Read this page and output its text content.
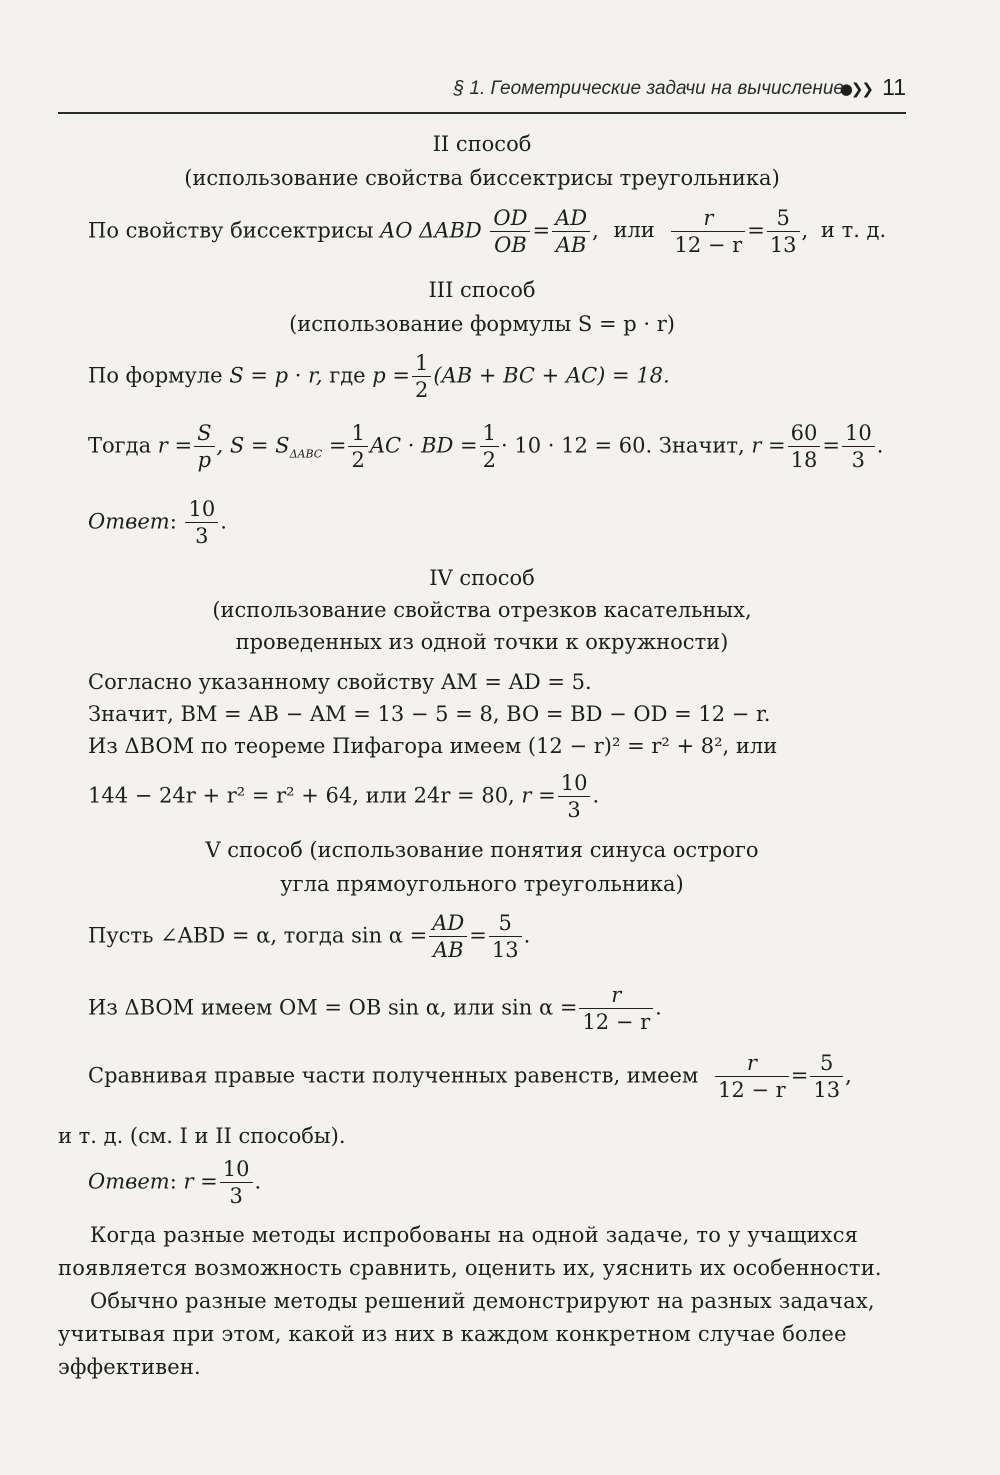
§ 1. Геометрические задачи на вычисление
●❯❯ 11
II способ
(использование свойства биссектрисы треугольника)
По свойству биссектрисы AO ΔABD $\frac{OD}{OB} = \frac{AD}{AB}$ , или $\frac{r}{12 - r} = \frac{5}{13}$ , и т. д.
III способ
(использование формулы S = p · r)
По формуле S = p · r, где $p = \frac{1}{2} (AB$ + BC + AC) = 18.
Тогда $r = \frac{S}{p}$ , $S = S_{\Delta ABC} = \frac{1}{2}$ AC · BD = $\frac{1}{2} \cdot 10 \cdot 12 = 60$. Значит, $r = \frac{60}{18} = \frac{10}{3}$ .
Ответ: $\frac{10}{3}$ .
IV способ
(использование свойства отрезков касательных,
проведенных из одной точки к окружности)
Согласно указанному свойству AM = AD = 5.
Значит, BM = AB − AM = 13 − 5 = 8, BO = BD − OD = 12 − r.
Из ΔBOM по теореме Пифагора имеем (12 − r)² = r² + 8², или
144 − 24r + r² = r² + 64, или 24r = 80, $r = \frac{10}{3}$ .
V способ (использование понятия синуса острого
угла прямоугольного треугольника)
Пусть ∠ABD = α, тогда $\sin \alpha = \frac{AD}{AB} = \frac{5}{13}$ .
Из ΔBOM имеем OM = OB sin α, или $\sin \alpha = \frac{r}{12 - r}$ .
Сравнивая правые части полученных равенств, имеем $\frac{r}{12 - r} = \frac{5}{13}$ ,
и т. д. (см. I и II способы).
Ответ: $r = \frac{10}{3}$ .
Когда разные методы испробованы на одной задаче, то у учащихся появляется возможность сравнить, оценить их, уяснить их особенности.
Обычно разные методы решений демонстрируют на разных задачах, учитывая при этом, какой из них в каждом конкретном случае более эффективен.
